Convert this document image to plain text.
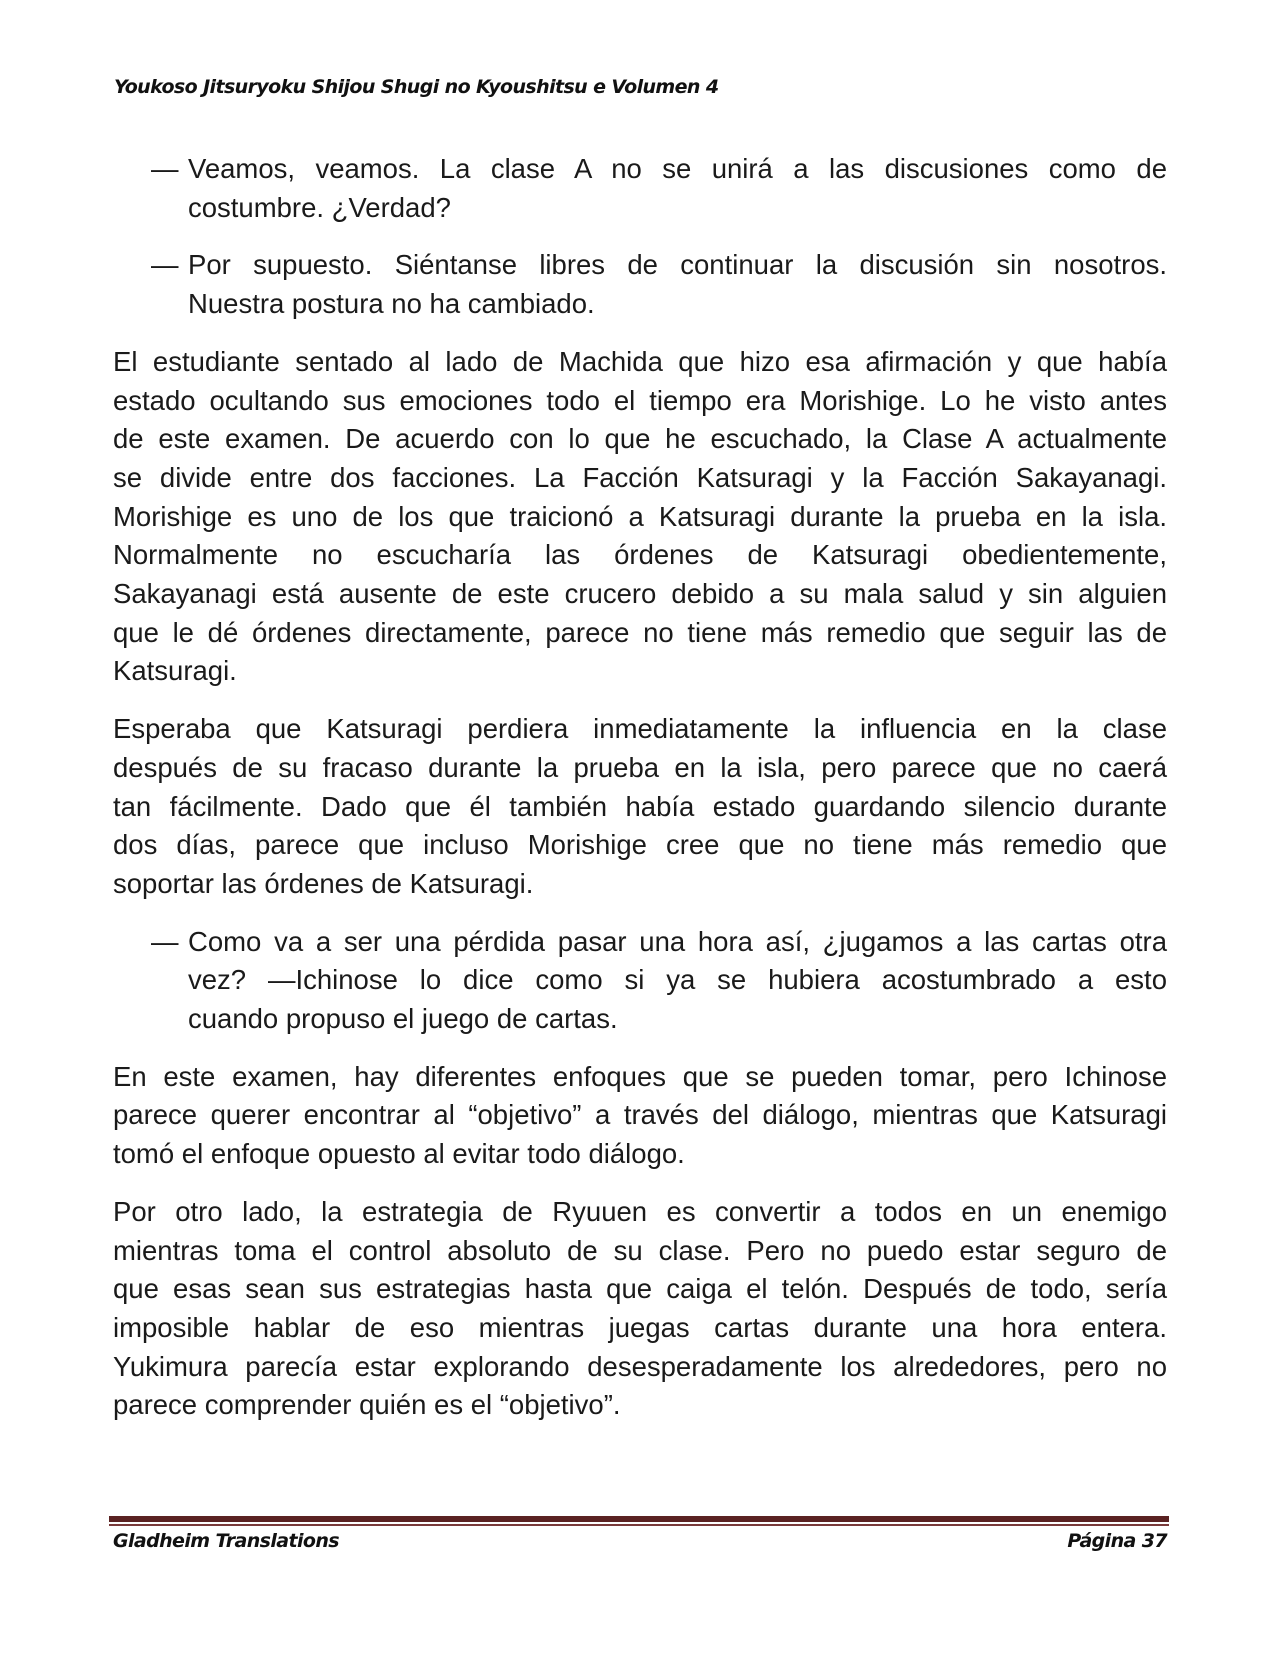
Youkoso Jitsuryoku Shijou Shugi no Kyoushitsu e Volumen 4
— Veamos, veamos. La clase A no se unirá a las discusiones como de
costumbre. ¿Verdad?
— Por supuesto. Siéntanse libres de continuar la discusión sin nosotros.
Nuestra postura no ha cambiado.
El estudiante sentado al lado de Machida que hizo esa afirmación y que había
estado ocultando sus emociones todo el tiempo era Morishige. Lo he visto antes
de este examen. De acuerdo con lo que he escuchado, la Clase A actualmente
se divide entre dos facciones. La Facción Katsuragi y la Facción Sakayanagi.
Morishige es uno de los que traicionó a Katsuragi durante la prueba en la isla.
Normalmente no escucharía las órdenes de Katsuragi obedientemente,
Sakayanagi está ausente de este crucero debido a su mala salud y sin alguien
que le dé órdenes directamente, parece no tiene más remedio que seguir las de
Katsuragi.
Esperaba que Katsuragi perdiera inmediatamente la influencia en la clase
después de su fracaso durante la prueba en la isla, pero parece que no caerá
tan fácilmente. Dado que él también había estado guardando silencio durante
dos días, parece que incluso Morishige cree que no tiene más remedio que
soportar las órdenes de Katsuragi.
— Como va a ser una pérdida pasar una hora así, ¿jugamos a las cartas otra
vez? —Ichinose lo dice como si ya se hubiera acostumbrado a esto
cuando propuso el juego de cartas.
En este examen, hay diferentes enfoques que se pueden tomar, pero Ichinose
parece querer encontrar al “objetivo” a través del diálogo, mientras que Katsuragi
tomó el enfoque opuesto al evitar todo diálogo.
Por otro lado, la estrategia de Ryuuen es convertir a todos en un enemigo
mientras toma el control absoluto de su clase. Pero no puedo estar seguro de
que esas sean sus estrategias hasta que caiga el telón. Después de todo, sería
imposible hablar de eso mientras juegas cartas durante una hora entera.
Yukimura parecía estar explorando desesperadamente los alrededores, pero no
parece comprender quién es el “objetivo”.
Gladheim Translations	Página 37
